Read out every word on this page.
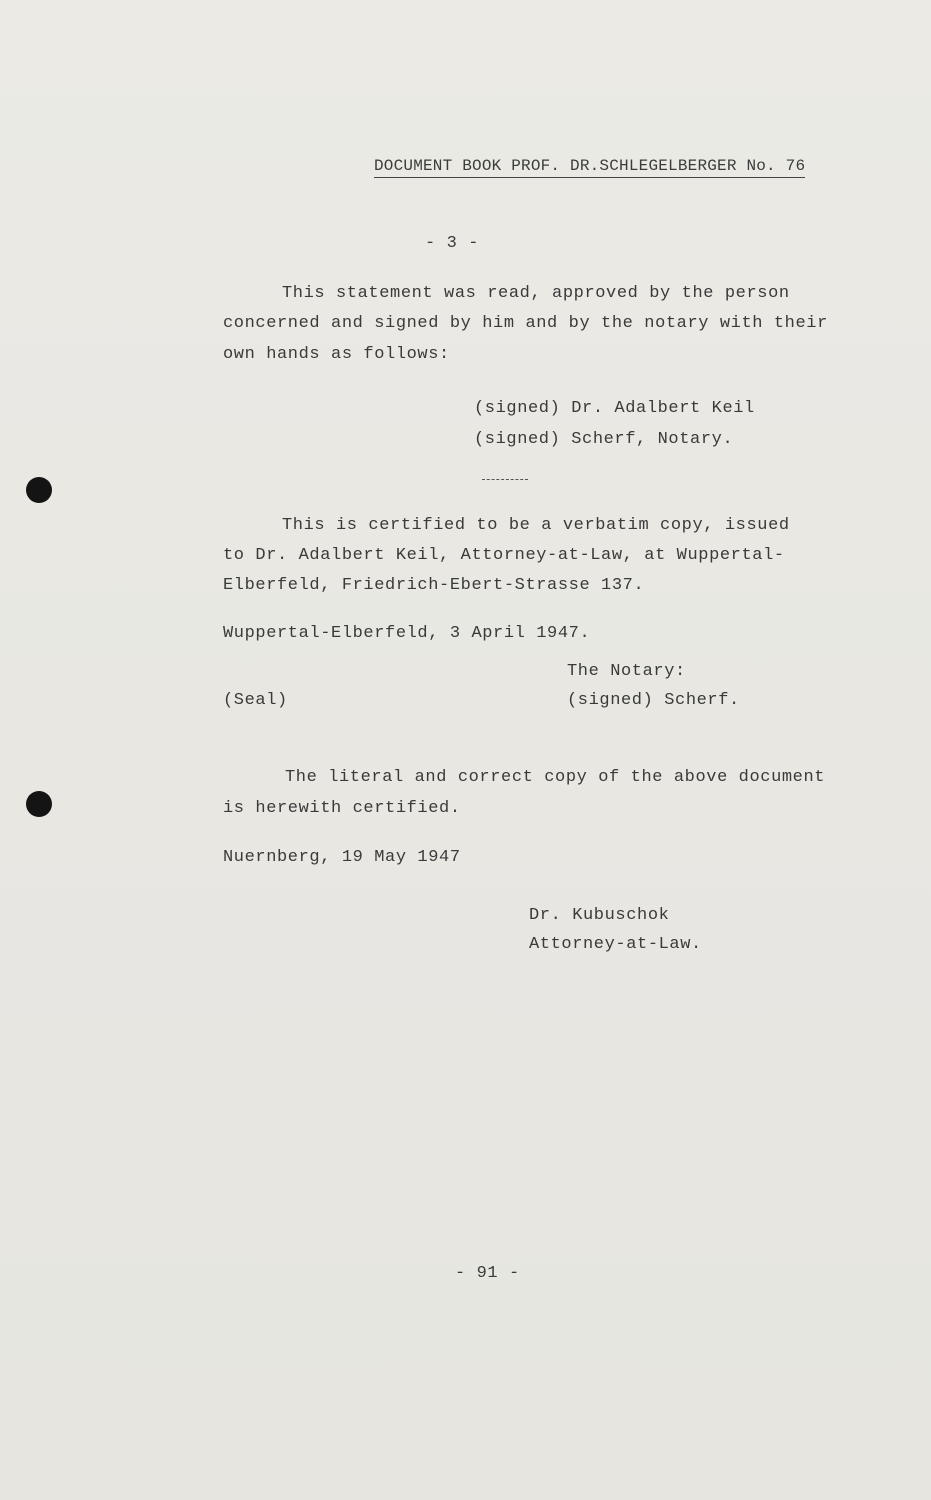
DOCUMENT BOOK PROF. DR.SCHLEGELBERGER No. 76
- 3 -
This statement was read, approved by the person
concerned and signed by him and by the notary with their
own hands as follows:
(signed) Dr. Adalbert Keil
(signed) Scherf, Notary.
This is certified to be a verbatim copy, issued
to Dr. Adalbert Keil, Attorney-at-Law, at Wuppertal-
Elberfeld, Friedrich-Ebert-Strasse 137.
Wuppertal-Elberfeld, 3 April 1947.
The Notary:
(Seal)	(signed) Scherf.
The literal and correct copy of the above document
is herewith certified.
Nuernberg, 19 May 1947
Dr. Kubuschok
Attorney-at-Law.
- 91 -
